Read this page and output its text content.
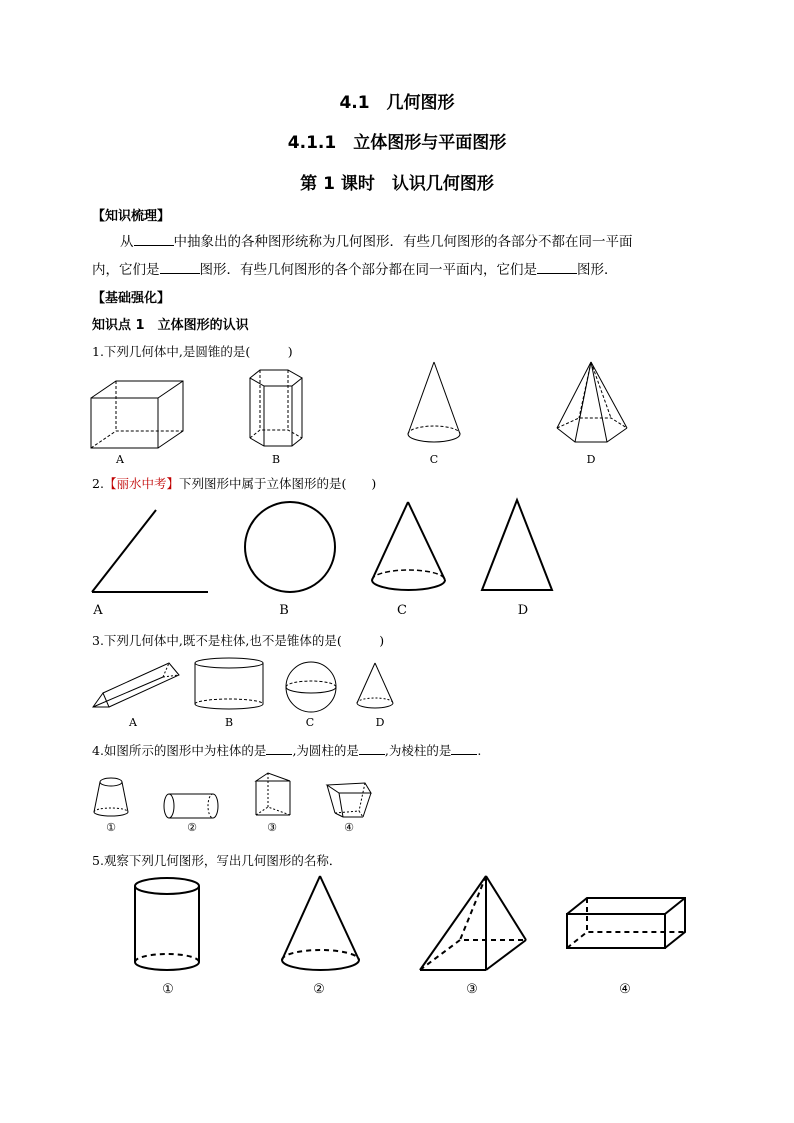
4.1　几何图形
4.1.1　立体图形与平面图形
第 1 课时　认识几何图形
【知识梳理】
从	中抽象出的各种图形统称为几何图形．有些几何图形的各部分不都在同一平面
内，它们是	图形．有些几何图形的各个部分都在同一平面内，它们是	图形．
【基础强化】
知识点 1　立体图形的认识
1.下列几何体中,是圆锥的是(　　　)
A	B	C	D
2.【丽水中考】下列图形中属于立体图形的是(　　)
A	B	C	D
3.下列几何体中,既不是柱体,也不是锥体的是(　　　)
A	B	C	D
4.如图所示的图形中为柱体的是 ,为圆柱的是 ,为棱柱的是 .
①	②	③	④
5.观察下列几何图形，写出几何图形的名称．
①	②	③	④
